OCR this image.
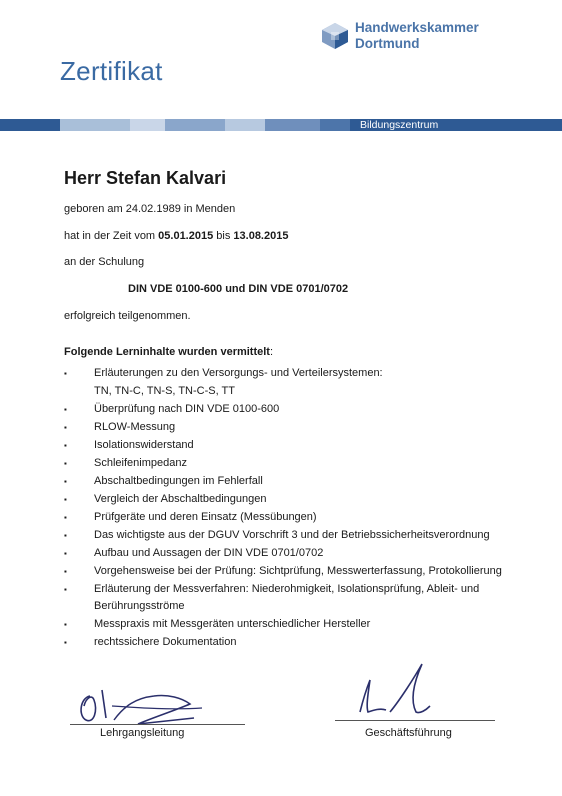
Handwerkskammer
Dortmund
Zertifikat
Bildungszentrum
Herr Stefan Kalvari
geboren am 24.02.1989 in Menden
hat in der Zeit vom 05.01.2015 bis 13.08.2015
an der Schulung
DIN VDE 0100-600 und DIN VDE 0701/0702
erfolgreich teilgenommen.
Folgende Lerninhalte wurden vermittelt:
▪ Erläuterungen zu den Versorgungs- und Verteilersystemen:
TN, TN-C, TN-S, TN-C-S, TT
▪ Überprüfung nach DIN VDE 0100-600
▪ RLOW-Messung
▪ Isolationswiderstand
▪ Schleifenimpedanz
▪ Abschaltbedingungen im Fehlerfall
▪ Vergleich der Abschaltbedingungen
▪ Prüfgeräte und deren Einsatz (Messübungen)
▪ Das wichtigste aus der DGUV Vorschrift 3 und der Betriebssicherheitsverordnung
▪ Aufbau und Aussagen der DIN VDE 0701/0702
▪ Vorgehensweise bei der Prüfung: Sichtprüfung, Messwerterfassung, Protokollierung
▪ Erläuterung der Messverfahren: Niederohmigkeit, Isolationsprüfung, Ableit- und
Berührungsströme
▪ Messpraxis mit Messgeräten unterschiedlicher Hersteller
▪ rechtssichere Dokumentation
Lehrgangsleitung	Geschäftsführung
